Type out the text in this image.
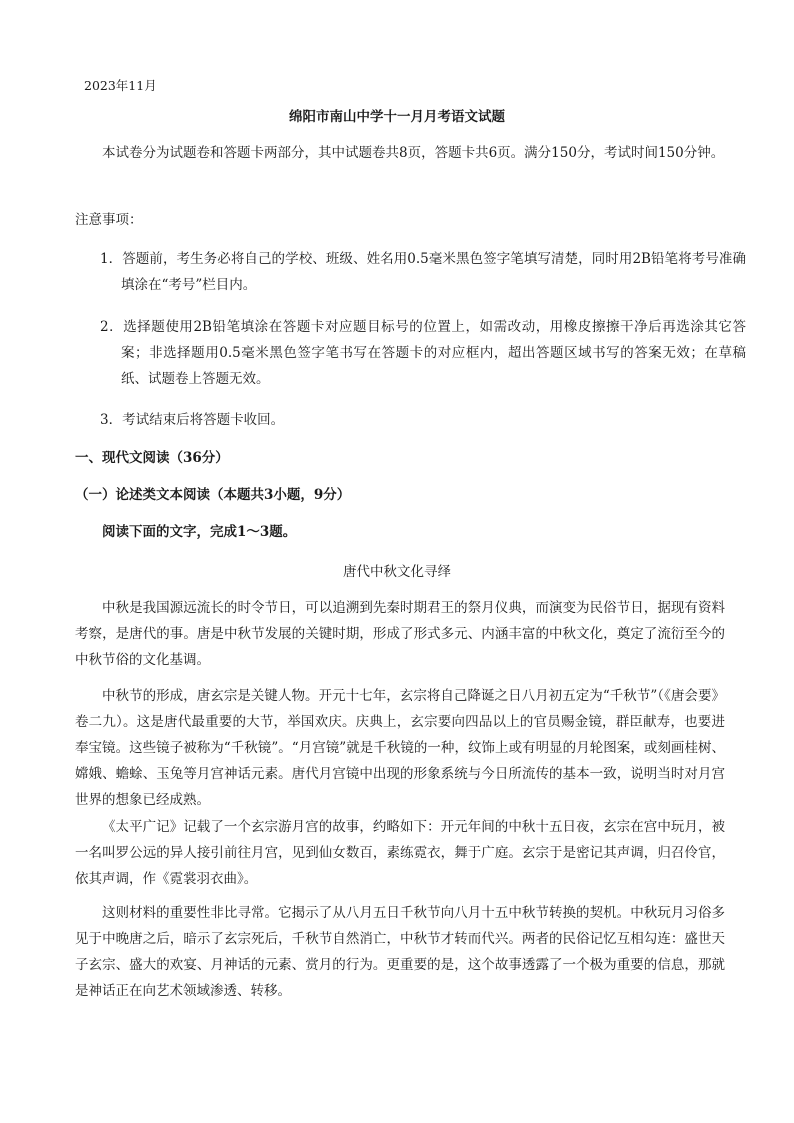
2023年11月
绵阳市南山中学十一月月考语文试题
本试卷分为试题卷和答题卡两部分，其中试题卷共8页，答题卡共6页。满分150分，考试时间150分钟。
注意事项：
1．答题前，考生务必将自己的学校、班级、姓名用0.5毫米黑色签字笔填写清楚，同时用2B铅笔将考号准确填涂在“考号”栏目内。
2．选择题使用2B铅笔填涂在答题卡对应题目标号的位置上，如需改动，用橡皮擦擦干净后再选涂其它答案；非选择题用0.5毫米黑色签字笔书写在答题卡的对应框内，超出答题区域书写的答案无效；在草稿纸、试题卷上答题无效。
3．考试结束后将答题卡收回。
一、现代文阅读（36分）
（一）论述类文本阅读（本题共3小题，9分）
阅读下面的文字，完成1～3题。
唐代中秋文化寻绎
中秋是我国源远流长的时令节日，可以追溯到先秦时期君王的祭月仪典，而演变为民俗节日，据现有资料考察，是唐代的事。唐是中秋节发展的关键时期，形成了形式多元、内涵丰富的中秋文化，奠定了流衍至今的中秋节俗的文化基调。
中秋节的形成，唐玄宗是关键人物。开元十七年，玄宗将自己降诞之日八月初五定为“千秋节”（《唐会要》卷二九）。这是唐代最重要的大节，举国欢庆。庆典上，玄宗要向四品以上的官员赐金镜，群臣献寿，也要进奉宝镜。这些镜子被称为“千秋镜”。“月宫镜”就是千秋镜的一种，纹饰上或有明显的月轮图案，或刻画桂树、嫦娥、蟾蜍、玉兔等月宫神话元素。唐代月宫镜中出现的形象系统与今日所流传的基本一致，说明当时对月宫世界的想象已经成熟。
《太平广记》记载了一个玄宗游月宫的故事，约略如下：开元年间的中秋十五日夜，玄宗在宫中玩月，被一名叫罗公远的异人接引前往月宫，见到仙女数百，素练霓衣，舞于广庭。玄宗于是密记其声调，归召伶官，依其声调，作《霓裳羽衣曲》。
这则材料的重要性非比寻常。它揭示了从八月五日千秋节向八月十五中秋节转换的契机。中秋玩月习俗多见于中晚唐之后，暗示了玄宗死后，千秋节自然消亡，中秋节才转而代兴。两者的民俗记忆互相勾连：盛世天子玄宗、盛大的欢宴、月神话的元素、赏月的行为。更重要的是，这个故事透露了一个极为重要的信息，那就是神话正在向艺术领域渗透、转移。
